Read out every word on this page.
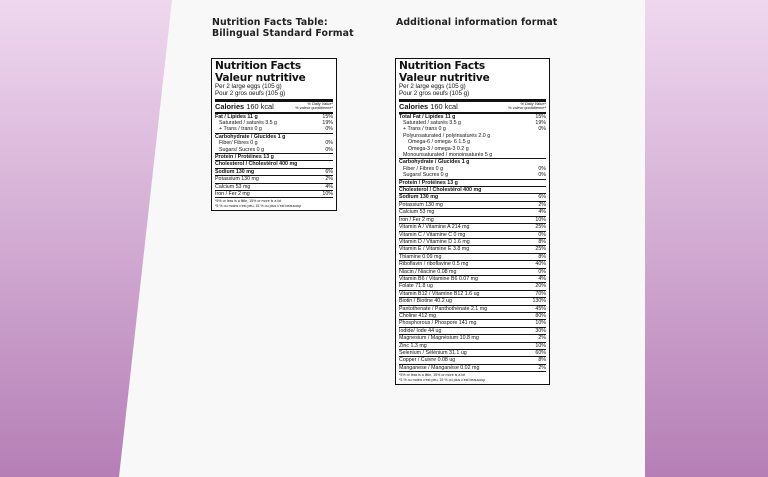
Nutrition Facts Table:
Bilingual Standard Format
Additional information format
Nutrition Facts
Valeur nutritive
Per 2 large eggs (105 g)
Pour 2 gros oeufs (105 g)
Calories 160 kcal	% Daily Value*
% valeur quotidienne*
Fat / Lipides 11 g	15%
Saturated / saturés 3.5 g	19%
+ Trans / trans 0 g	0%
Carbohydrate / Glucides 1 g
Fiber/ Fibres 0 g	0%
Sugars/ Sucres 0 g	0%
Protein / Protéines 13 g
Cholesterol / Cholestérol 400 mg
Sodium 130 mg	6%
Potassium 130 mg	2%
Calcium 53 mg	4%
Iron / Fer 2 mg	10%
*5% or less is a little, 15% or more is a lot
*5 % ou moins c'est peu, 15 % ou plus c'est beaucoup
Nutrition Facts
Valeur nutritive
Per 2 large eggs (105 g)
Pour 2 gros oeufs (105 g)
Calories 160 kcal	% Daily Value*
% valeur quotidienne*
Total Fat / Lipides 11 g	15%
Saturated / saturés 3.5 g	19%
+ Trans / trans 0 g	0%
Polyunsaturated / polyinsaturés 2.0 g
Omega-6 / omega- 6 1.5 g
Omega-3 / omega-3 0.2 g
Monounsaturated / monoinsaturés 5 g
Carbohydrate / Glucides 1 g
Fiber / Fibres 0 g	0%
Sugars/ Sucres 0 g	0%
Protein / Protéines 13 g
Cholesterol / Cholestérol 400 mg
Sodium 130 mg	6%
Potassium 130 mg	2%
Calcium 53 mg	4%
Iron / Fer 2 mg	10%
Vitamin A / Vitamine A 214 mg	25%
Vitamin C / Vitamine C 0 mg	0%
Vitamin D / Vitamine D 1.6 mg	8%
Vitamin E / Vitamine E 3.8 mg	25%
Thiamine 0.09 mg	8%
Riboflavin / riboflavine 0.5 mg	40%
Niacin / Niacine 0.08 mg	0%
Vitamin B6 / Vitamine B6 0.07 mg	4%
Folate 71.8 ug	20%
Vitamin B12 / Vitamine B12 1.6 ug	70%
Biotin / Biotine 40.2 ug	130%
Pantothenate / Panthothénate 2.1 mg	45%
Choline 412 mg	80%
Phosphorous / Phospore 141 mg	10%
Iodide/ Iode 44 ug	30%
Magnesium / Magnésium 10.8 mg	2%
Zinc 1.3 mg	10%
Selenium / Sélénium 31.1 ug	60%
Copper / Cuivre 0.08 ug	8%
Manganese / Manganèse 0.02 mg	2%
*5% or less is a little, 15% or more is a lot
*5 % ou moins c'est peu, 15 % ou plus c'est beaucoup
